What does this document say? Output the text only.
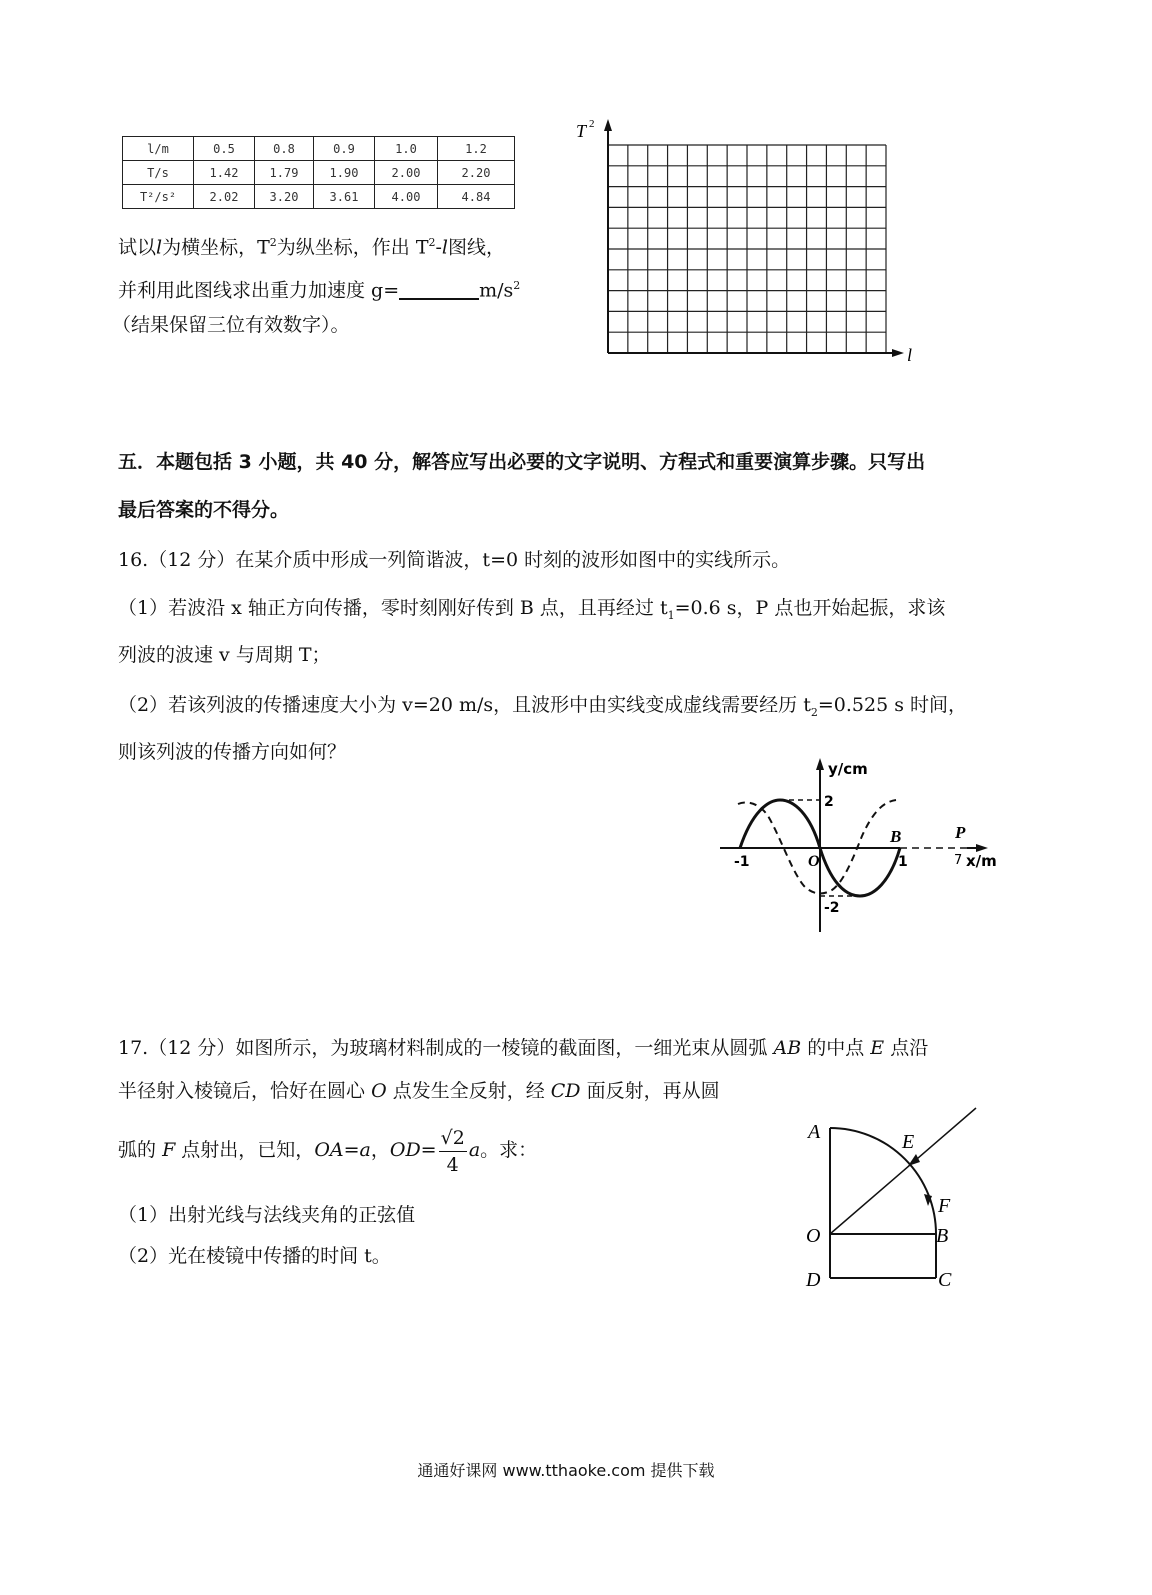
l/m	0.5	0.8	0.9	1.0	1.2
T/s	1.42	1.79	1.90	2.00	2.20
T²/s²	2.02	3.20	3.61	4.00	4.84
试以l为横坐标，$T^2$为纵坐标，作出 $T^2-l$图线，
并利用此图线求出重力加速度 g=	$m/s^2$
（结果保留三位有效数字）。
T 2
l
五．本题包括 3 小题，共 40 分，解答应写出必要的文字说明、方程式和重要演算步骤。只写出
最后答案的不得分。
16.（12 分）在某介质中形成一列简谐波，t=0 时刻的波形如图中的实线所示。
（1）若波沿 x 轴正方向传播，零时刻刚好传到 B 点，且再经过 $t_1=0.6$ s，P 点也开始起振，求该
列波的波速 v 与周期 T；
（2）若该列波的传播速度大小为 v=20 m/s，且波形中由实线变成虚线需要经历 $t_2=0.525$ s 时间，
则该列波的传播方向如何？
y/cm
2
-2
-1	O	1
B	P
7 x/m
17.（12 分）如图所示，为玻璃材料制成的一棱镜的截面图，一细光束从圆弧 AB 的中点 E 点沿
半径射入棱镜后，恰好在圆心 O 点发生全反射，经 CD 面反射，再从圆
弧的 F 点射出，已知，OA=a，$OD= \frac{√2}{4}$ a。求：
（1）出射光线与法线夹角的正弦值
（2）光在棱镜中传播的时间 t。
A	E
F
O	B
D	C
通通好课网 www.tthaoke.com 提供下载
